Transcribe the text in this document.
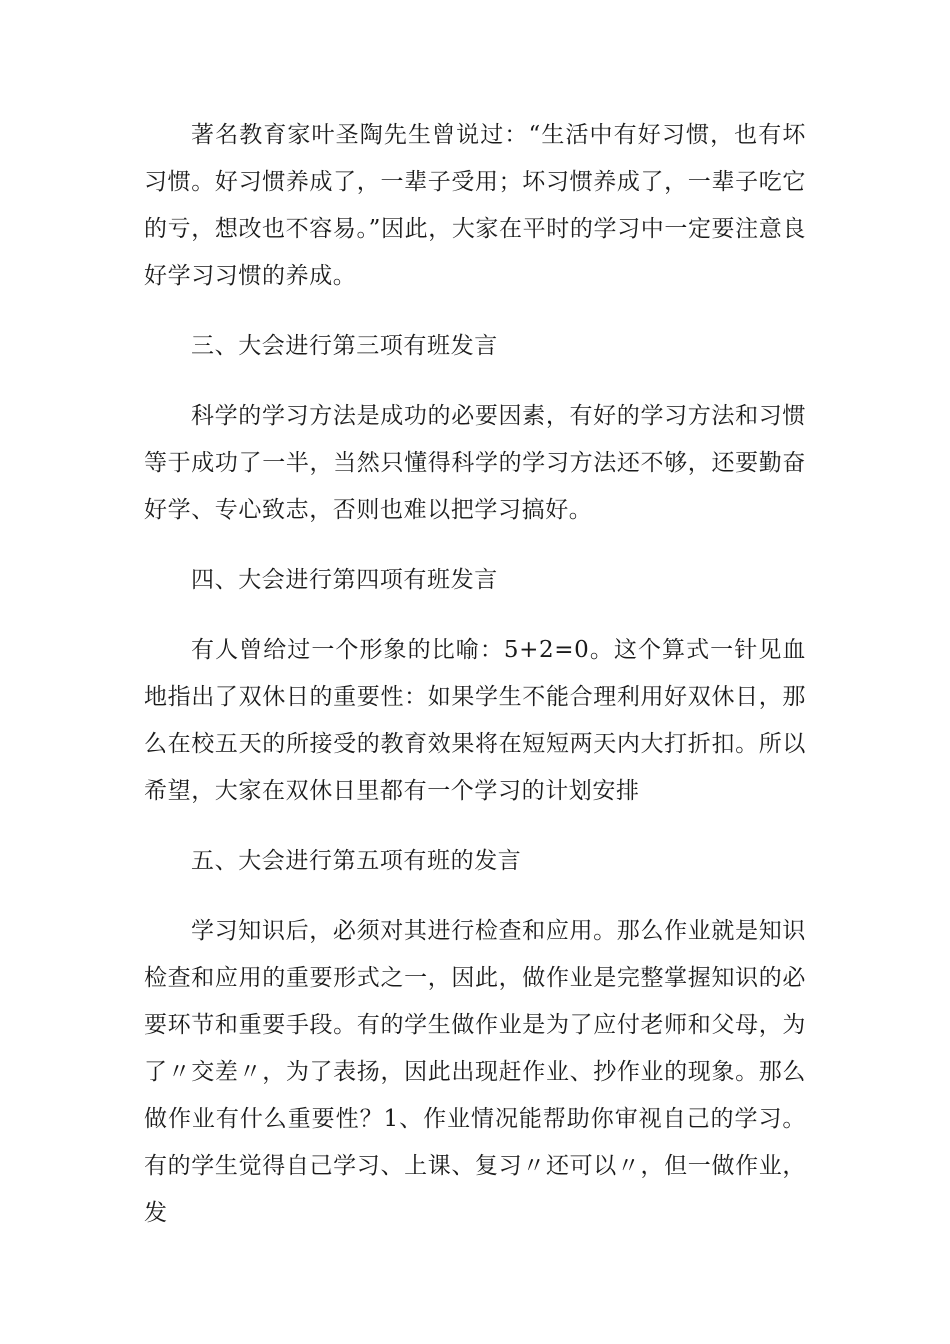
著名教育家叶圣陶先生曾说过：“生活中有好习惯，也有坏习惯。好习惯养成了，一辈子受用；坏习惯养成了，一辈子吃它的亏，想改也不容易。”因此，大家在平时的学习中一定要注意良好学习习惯的养成。

三、大会进行第三项有班发言

科学的学习方法是成功的必要因素，有好的学习方法和习惯等于成功了一半，当然只懂得科学的学习方法还不够，还要勤奋好学、专心致志，否则也难以把学习搞好。

四、大会进行第四项有班发言

有人曾给过一个形象的比喻：5+2=0。这个算式一针见血地指出了双休日的重要性：如果学生不能合理利用好双休日，那么在校五天的所接受的教育效果将在短短两天内大打折扣。所以希望，大家在双休日里都有一个学习的计划安排

五、大会进行第五项有班的发言

学习知识后，必须对其进行检查和应用。那么作业就是知识检查和应用的重要形式之一，因此，做作业是完整掌握知识的必要环节和重要手段。有的学生做作业是为了应付老师和父母，为了〃交差〃，为了表扬，因此出现赶作业、抄作业的现象。那么做作业有什么重要性？1、作业情况能帮助你审视自己的学习。有的学生觉得自己学习、上课、复习〃还可以〃，但一做作业，发
